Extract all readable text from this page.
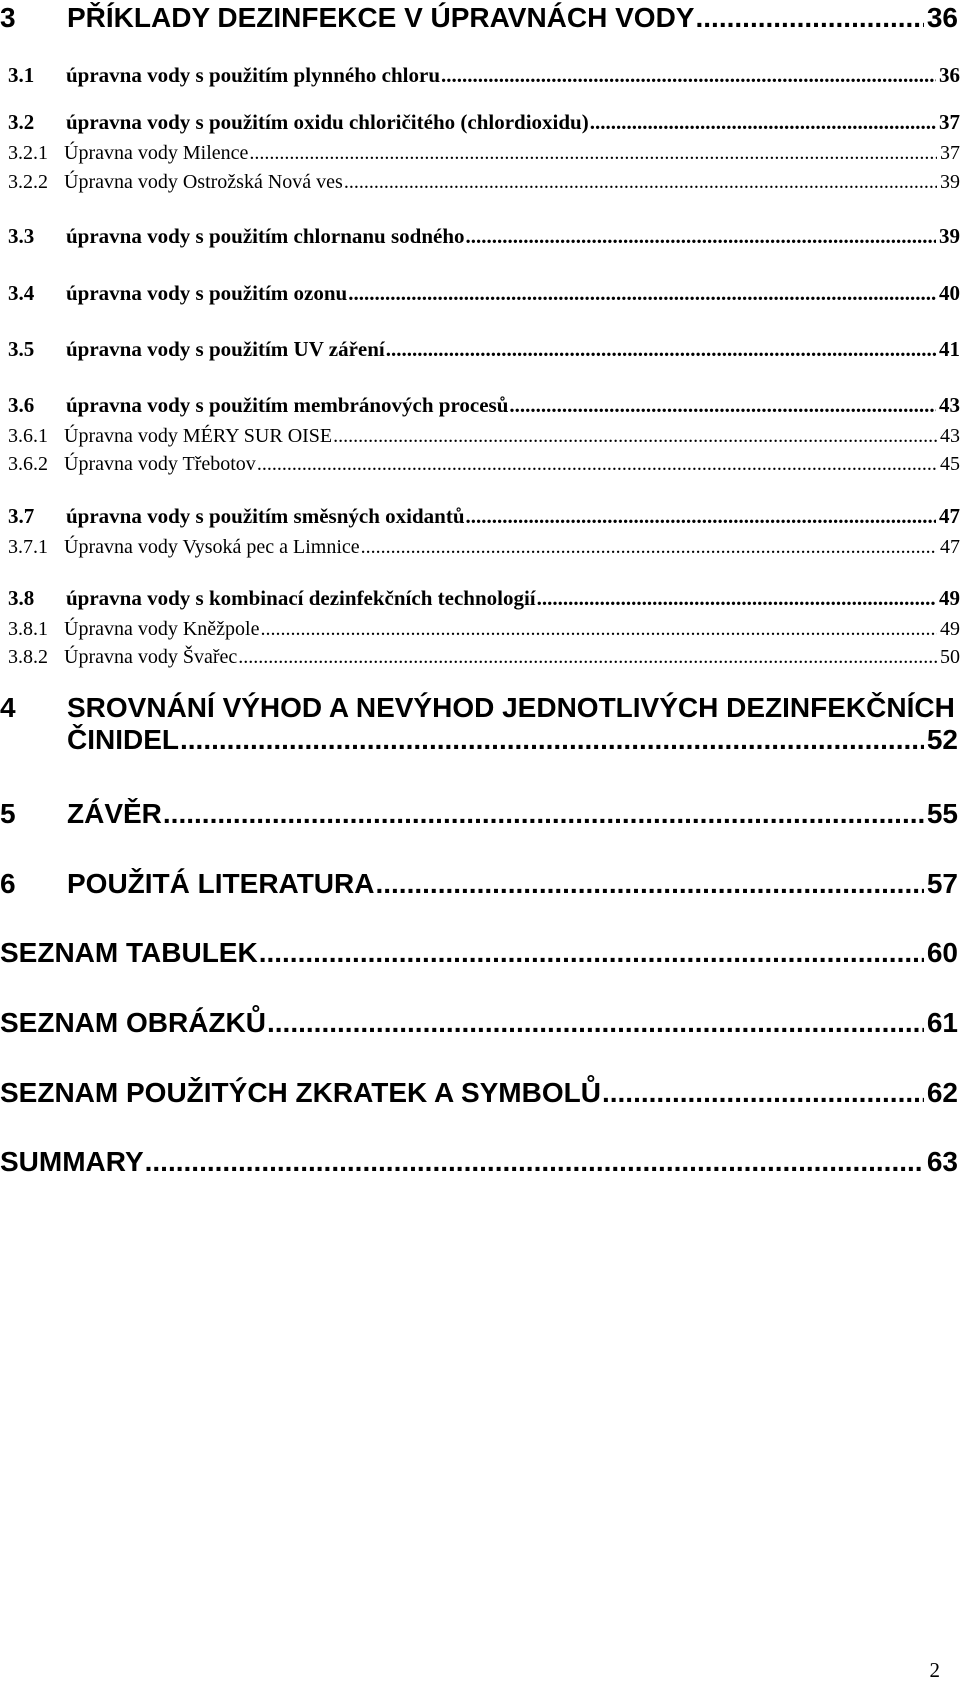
3	PŘÍKLADY DEZINFEKCE V ÚPRAVNÁCH VODY .....	36
3.1	úpravna vody s použitím plynného chloru .....	36
3.2	úpravna vody s použitím oxidu chloričitého (chlordioxidu) .....	37
3.2.1 Úpravna vody Milence .....	37
3.2.2 Úpravna vody Ostrožská Nová ves .....	39
3.3	úpravna vody s použitím chlornanu sodného .....	39
3.4	úpravna vody s použitím ozonu .....	40
3.5	úpravna vody s použitím UV záření .....	41
3.6	úpravna vody s použitím membránových procesů .....	43
3.6.1 Úpravna vody MÉRY SUR OISE .....	43
3.6.2 Úpravna vody Třebotov .....	45
3.7	úpravna vody s použitím směsných oxidantů .....	47
3.7.1 Úpravna vody Vysoká pec a Limnice .....	47
3.8	úpravna vody s kombinací dezinfekčních technologií .....	49
3.8.1 Úpravna vody Kněžpole .....	49
3.8.2 Úpravna vody Švařec .....	50
4	SROVNÁNÍ VÝHOD A NEVÝHOD JEDNOTLIVÝCH DEZINFEKČNÍCH
ČINIDEL .....	52
5	ZÁVĚR .....	55
6	POUŽITÁ LITERATURA .....	57
SEZNAM TABULEK .....	60
SEZNAM OBRÁZKŮ .....	61
SEZNAM POUŽITÝCH ZKRATEK A SYMBOLŮ .....	62
SUMMARY .....	63
2
